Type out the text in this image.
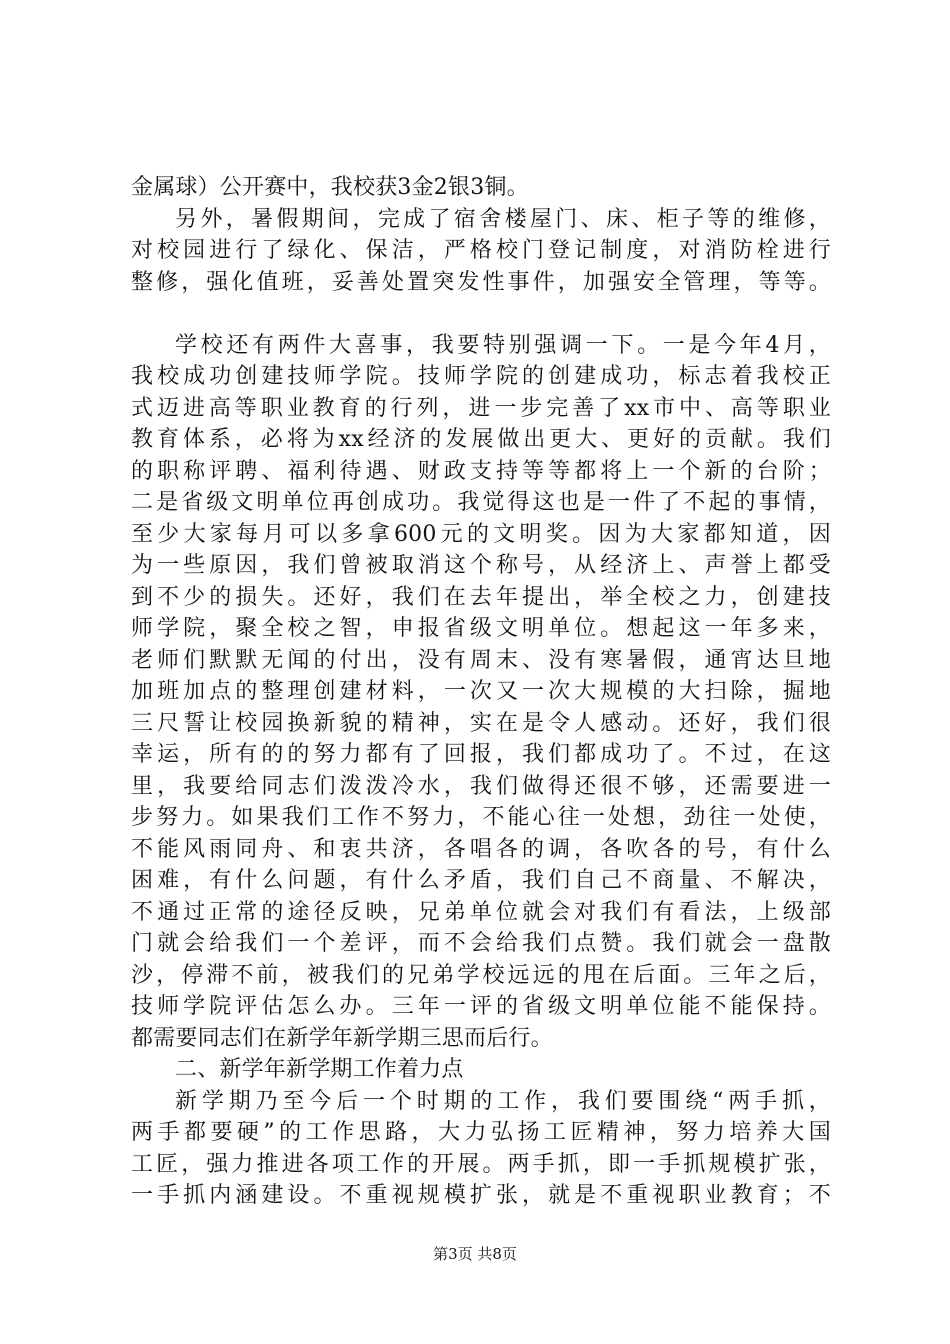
金属球）公开赛中，我校获3金2银3铜。
另外，暑假期间，完成了宿舍楼屋门、床、柜子等的维修，
对校园进行了绿化、保洁，严格校门登记制度，对消防栓进行
整修，强化值班，妥善处置突发性事件，加强安全管理，等等。
学校还有两件大喜事，我要特别强调一下。一是今年4月，
我校成功创建技师学院。技师学院的创建成功，标志着我校正
式迈进高等职业教育的行列，进一步完善了xx市中、高等职业
教育体系，必将为xx经济的发展做出更大、更好的贡献。我们
的职称评聘、福利待遇、财政支持等等都将上一个新的台阶；
二是省级文明单位再创成功。我觉得这也是一件了不起的事情，
至少大家每月可以多拿600元的文明奖。因为大家都知道，因
为一些原因，我们曾被取消这个称号，从经济上、声誉上都受
到不少的损失。还好，我们在去年提出，举全校之力，创建技
师学院，聚全校之智，申报省级文明单位。想起这一年多来，
老师们默默无闻的付出，没有周末、没有寒暑假，通宵达旦地
加班加点的整理创建材料，一次又一次大规模的大扫除，掘地
三尺誓让校园换新貌的精神，实在是令人感动。还好，我们很
幸运，所有的的努力都有了回报，我们都成功了。不过，在这
里，我要给同志们泼泼冷水，我们做得还很不够，还需要进一
步努力。如果我们工作不努力，不能心往一处想，劲往一处使，
不能风雨同舟、和衷共济，各唱各的调，各吹各的号，有什么
困难，有什么问题，有什么矛盾，我们自己不商量、不解决，
不通过正常的途径反映，兄弟单位就会对我们有看法，上级部
门就会给我们一个差评，而不会给我们点赞。我们就会一盘散
沙，停滞不前，被我们的兄弟学校远远的甩在后面。三年之后，
技师学院评估怎么办。三年一评的省级文明单位能不能保持。
都需要同志们在新学年新学期三思而后行。
二、新学年新学期工作着力点
新学期乃至今后一个时期的工作，我们要围绕“两手抓，
两手都要硬”的工作思路，大力弘扬工匠精神，努力培养大国
工匠，强力推进各项工作的开展。两手抓，即一手抓规模扩张，
一手抓内涵建设。不重视规模扩张，就是不重视职业教育；不
第3页 共8页
